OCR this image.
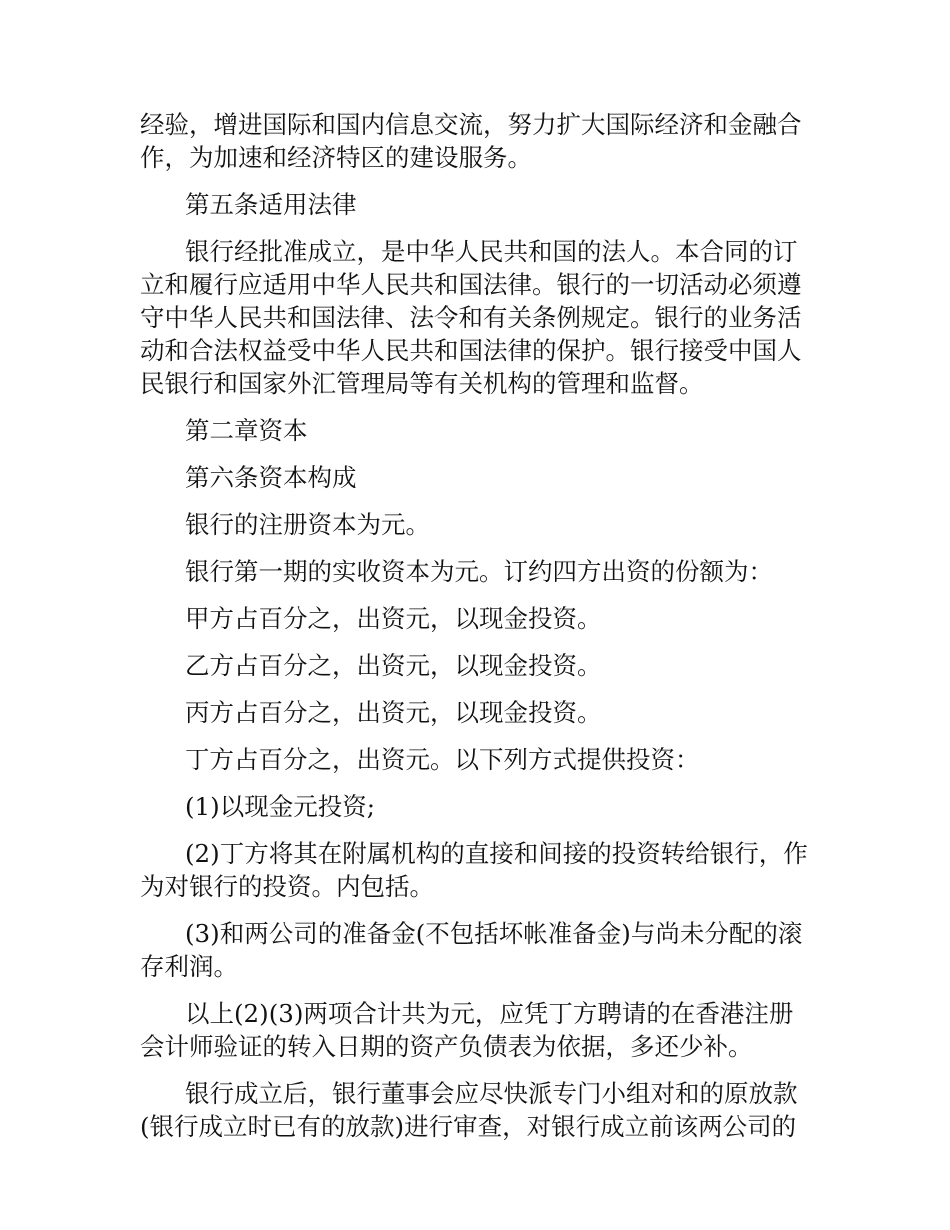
经验，增进国际和国内信息交流，努力扩大国际经济和金融合作，为加速和经济特区的建设服务。

第五条适用法律

银行经批准成立，是中华人民共和国的法人。本合同的订立和履行应适用中华人民共和国法律。银行的一切活动必须遵守中华人民共和国法律、法令和有关条例规定。银行的业务活动和合法权益受中华人民共和国法律的保护。银行接受中国人民银行和国家外汇管理局等有关机构的管理和监督。

第二章资本

第六条资本构成

银行的注册资本为元。

银行第一期的实收资本为元。订约四方出资的份额为：

甲方占百分之，出资元，以现金投资。

乙方占百分之，出资元，以现金投资。

丙方占百分之，出资元，以现金投资。

丁方占百分之，出资元。以下列方式提供投资：

(1)以现金元投资;

(2)丁方将其在附属机构的直接和间接的投资转给银行，作为对银行的投资。内包括。

(3)和两公司的准备金(不包括坏帐准备金)与尚未分配的滚存利润。

以上(2)(3)两项合计共为元，应凭丁方聘请的在香港注册会计师验证的转入日期的资产负债表为依据，多还少补。

银行成立后，银行董事会应尽快派专门小组对和的原放款(银行成立时已有的放款)进行审查，对银行成立前该两公司的
